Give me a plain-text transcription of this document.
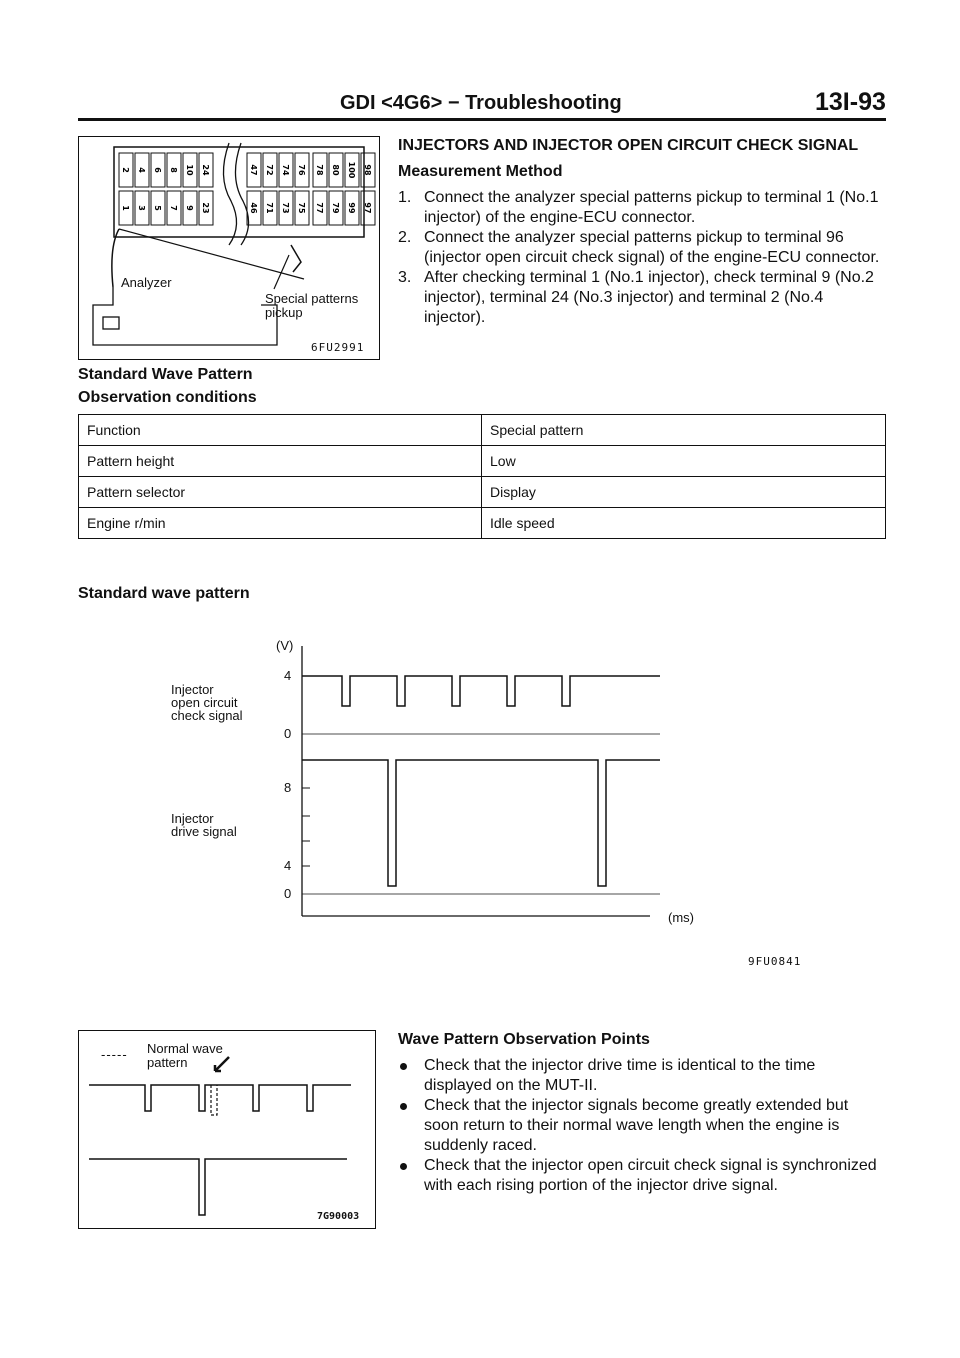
GDI <4G6> − Troubleshooting	13I-93
2
1
4
3
6
5
8
7
10
9
24
23
47
46
72
71
74
73
76
75
78
77
80
79
100
99
98
97
Analyzer
Special patterns
pickup
6FU2991
INJECTORS AND INJECTOR OPEN CIRCUIT CHECK SIGNAL
Measurement Method
1. Connect the analyzer special patterns pickup to terminal 1 (No.1 injector) of the engine-ECU connector.
2. Connect the analyzer special patterns pickup to terminal 96 (injector open circuit check signal) of the engine-ECU connector.
3. After checking terminal 1 (No.1 injector), check terminal 9 (No.2 injector), terminal 24 (No.3 injector) and terminal 2 (No.4 injector).
Standard Wave Pattern
Observation conditions
Function	Special pattern
Pattern height	Low
Pattern selector	Display
Engine r/min	Idle speed
Standard wave pattern
(V)
(ms)
Injector
open circuit
check signal
4
0
Injector
drive signal
8
4
0
9FU0841
----- Normal wave
pattern
7G90003
Wave Pattern Observation Points
Check that the injector drive time is identical to the time displayed on the MUT-II.
Check that the injector signals become greatly extended but soon return to their normal wave length when the engine is suddenly raced.
Check that the injector open circuit check signal is synchronized with each rising portion of the injector drive signal.
